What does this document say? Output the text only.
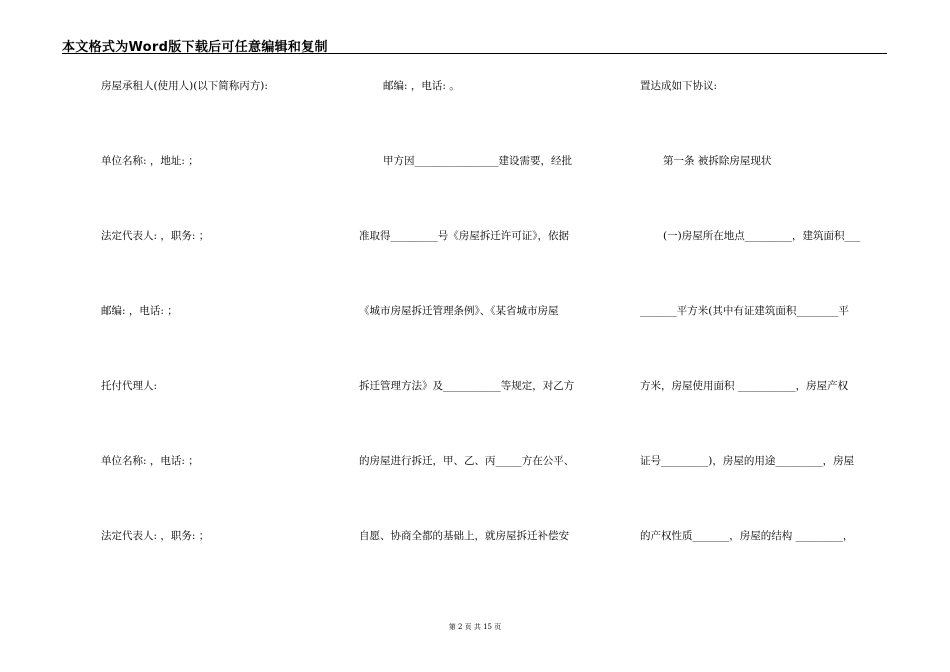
本文格式为Word版下载后可任意编辑和复制
房屋承租人(使用人)(以下简称丙方):
单位名称: ，地址: ；
法定代表人: ，职务: ；
邮编: ，电话: ；
托付代理人:
单位名称: ，电话: ；
法定代表人: ，职务: ；
邮编: ，电话: 。
甲方因________________建设需要，经批
准取得_________号《房屋拆迁许可证》，依据
《城市房屋拆迁管理条例》、《某省城市房屋
拆迁管理方法》及___________等规定，对乙方
的房屋进行拆迁，甲、乙、丙_____方在公平、
自愿、协商全都的基础上，就房屋拆迁补偿安
置达成如下协议:
第一条 被拆除房屋现状
(一)房屋所在地点_________，建筑面积___
_______平方米(其中有证建筑面积________平
方米，房屋使用面积 ___________，房屋产权
证号_________)，房屋的用途_________，房屋
的产权性质_______，房屋的结构 _________，
第 2 页 共 15 页
